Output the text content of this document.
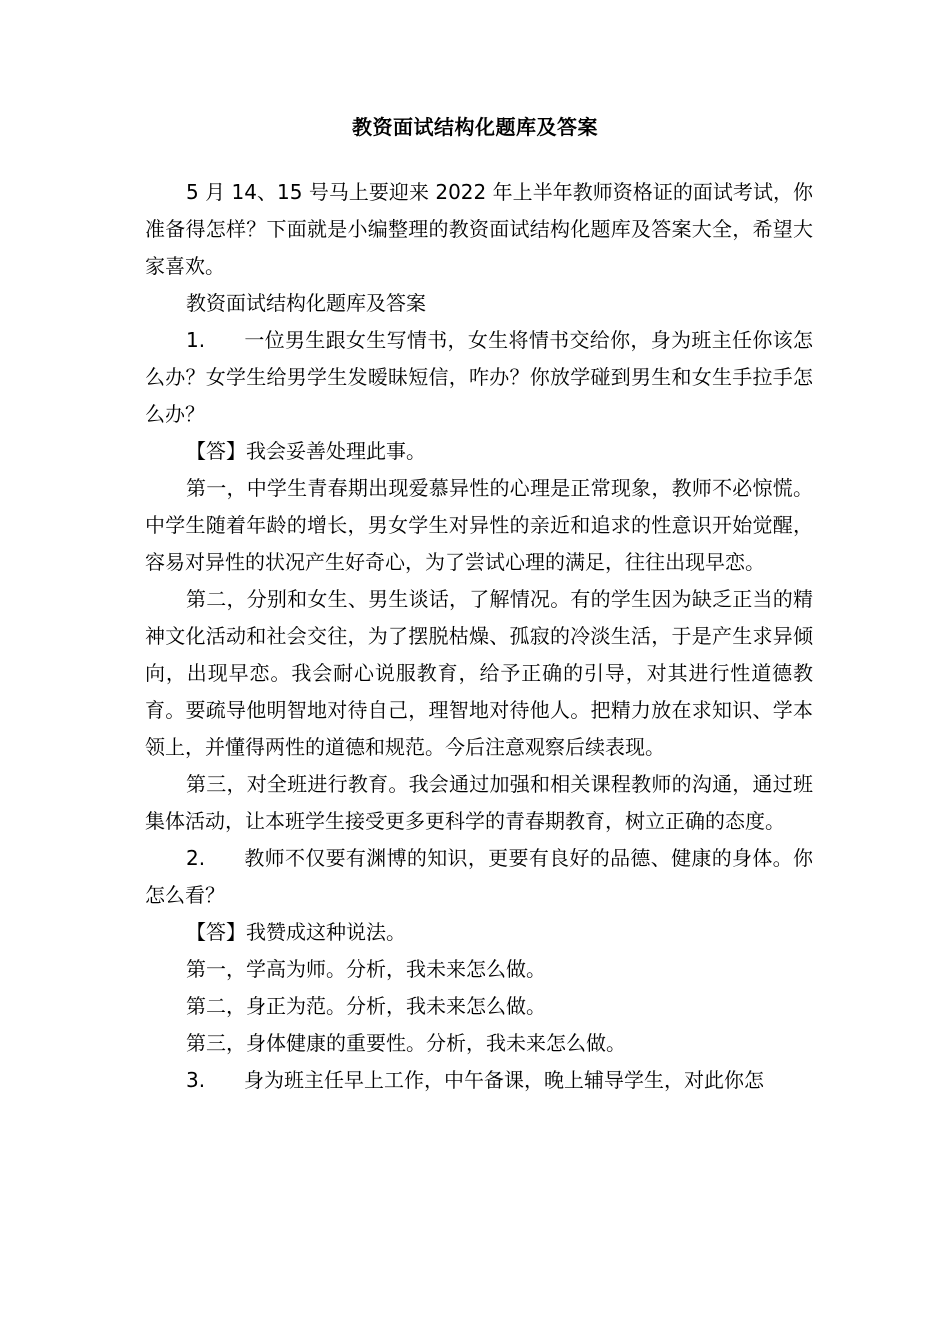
教资面试结构化题库及答案

5 月 14、15 号马上要迎来 2022 年上半年教师资格证的面试考试，你准备得怎样？下面就是小编整理的教资面试结构化题库及答案大全，希望大家喜欢。

教资面试结构化题库及答案

1. 一位男生跟女生写情书，女生将情书交给你，身为班主任你该怎么办？女学生给男学生发暧昧短信，咋办？你放学碰到男生和女生手拉手怎么办？

【答】我会妥善处理此事。

第一，中学生青春期出现爱慕异性的心理是正常现象，教师不必惊慌。中学生随着年龄的增长，男女学生对异性的亲近和追求的性意识开始觉醒，容易对异性的状况产生好奇心，为了尝试心理的满足，往往出现早恋。

第二，分别和女生、男生谈话，了解情况。有的学生因为缺乏正当的精神文化活动和社会交往，为了摆脱枯燥、孤寂的冷淡生活，于是产生求异倾向，出现早恋。我会耐心说服教育，给予正确的引导，对其进行性道德教育。要疏导他明智地对待自己，理智地对待他人。把精力放在求知识、学本领上，并懂得两性的道德和规范。今后注意观察后续表现。

第三，对全班进行教育。我会通过加强和相关课程教师的沟通，通过班集体活动，让本班学生接受更多更科学的青春期教育，树立正确的态度。

2. 教师不仅要有渊博的知识，更要有良好的品德、健康的身体。你怎么看？

【答】我赞成这种说法。

第一，学高为师。分析，我未来怎么做。

第二，身正为范。分析，我未来怎么做。

第三，身体健康的重要性。分析，我未来怎么做。

3. 身为班主任早上工作，中午备课，晚上辅导学生，对此你怎
